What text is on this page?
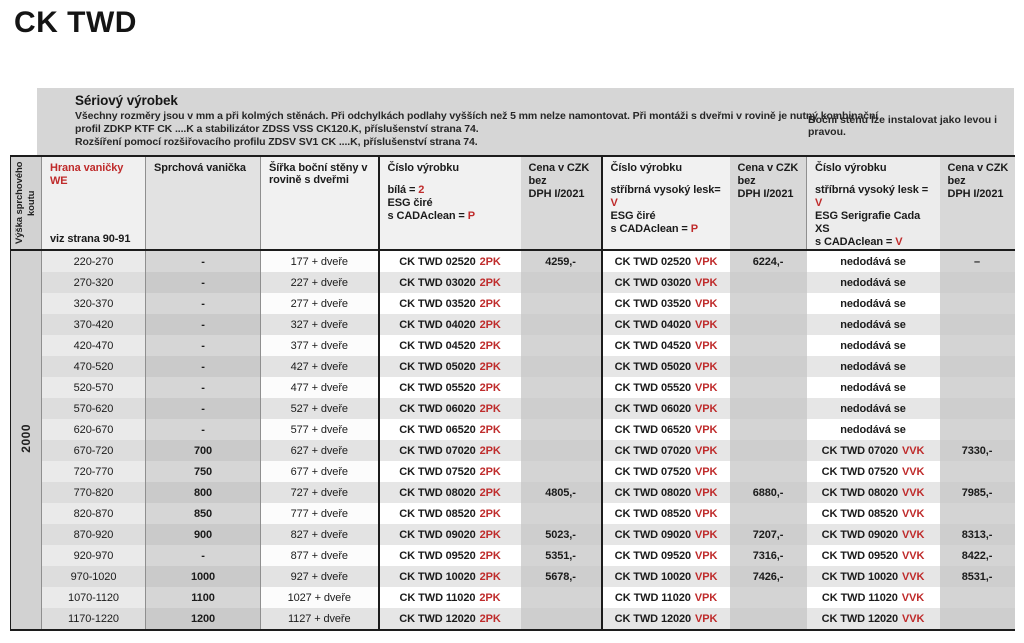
CK TWD
Sériový výrobek
Všechny rozměry jsou v mm a při kolmých stěnách. Při odchylkách podlahy vyšších než 5 mm nelze namontovat. Při montáži s dveřmi v rovině je nutný kombinační
profil ZDKP KTF CK ....K a stabilizátor ZDSS VSS CK120.K, příslušenství strana 74.
Rozšíření pomocí rozšiřovacího profilu ZDSV SV1 CK ....K, příslušenství strana 74.
Boční stěnu lze instalovat jako levou i pravou.
Výška sprchového koutu	
Hrana vaničky
WE
viz strana 90-91
	Sprchová vanička	Šířka boční stěny v rovině s dveřmi	
Číslo výrobku
bílá = 2
ESG čiré
s CADAclean = P

Cena v CZK bez
DPH I/2021

Číslo výrobku
stříbrná vysoký lesk= V
ESG čiré
s CADAclean = P

Cena v CZK bez
DPH I/2021

Číslo výrobku
stříbrná vysoký lesk = V
ESG Serigrafie Cada XS
s CADAclean = V

Cena v CZK bez
DPH I/2021

2000	220-270	-	177 + dveře	CK TWD 02520 2PK	4259,-	CK TWD 02520 VPK	6224,-	nedodává se	–
	270-320	-	227 + dveře	CK TWD 03020 2PK		CK TWD 03020 VPK		nedodává se	
	320-370	-	277 + dveře	CK TWD 03520 2PK		CK TWD 03520 VPK		nedodává se	
	370-420	-	327 + dveře	CK TWD 04020 2PK		CK TWD 04020 VPK		nedodává se	
	420-470	-	377 + dveře	CK TWD 04520 2PK		CK TWD 04520 VPK		nedodává se	
	470-520	-	427 + dveře	CK TWD 05020 2PK		CK TWD 05020 VPK		nedodává se	
	520-570	-	477 + dveře	CK TWD 05520 2PK		CK TWD 05520 VPK		nedodává se	
	570-620	-	527 + dveře	CK TWD 06020 2PK		CK TWD 06020 VPK		nedodává se	
	620-670	-	577 + dveře	CK TWD 06520 2PK		CK TWD 06520 VPK		nedodává se	
	670-720	700	627 + dveře	CK TWD 07020 2PK		CK TWD 07020 VPK		CK TWD 07020 VVK	7330,-
	720-770	750	677 + dveře	CK TWD 07520 2PK		CK TWD 07520 VPK		CK TWD 07520 VVK	
	770-820	800	727 + dveře	CK TWD 08020 2PK	4805,-	CK TWD 08020 VPK	6880,-	CK TWD 08020 VVK	7985,-
	820-870	850	777 + dveře	CK TWD 08520 2PK		CK TWD 08520 VPK		CK TWD 08520 VVK	
	870-920	900	827 + dveře	CK TWD 09020 2PK	5023,-	CK TWD 09020 VPK	7207,-	CK TWD 09020 VVK	8313,-
	920-970	-	877 + dveře	CK TWD 09520 2PK	5351,-	CK TWD 09520 VPK	7316,-	CK TWD 09520 VVK	8422,-
	970-1020	1000	927 + dveře	CK TWD 10020 2PK	5678,-	CK TWD 10020 VPK	7426,-	CK TWD 10020 VVK	8531,-
	1070-1120	1100	1027 + dveře	CK TWD 11020 2PK		CK TWD 11020 VPK		CK TWD 11020 VVK	
	1170-1220	1200	1127 + dveře	CK TWD 12020 2PK		CK TWD 12020 VPK		CK TWD 12020 VVK	
